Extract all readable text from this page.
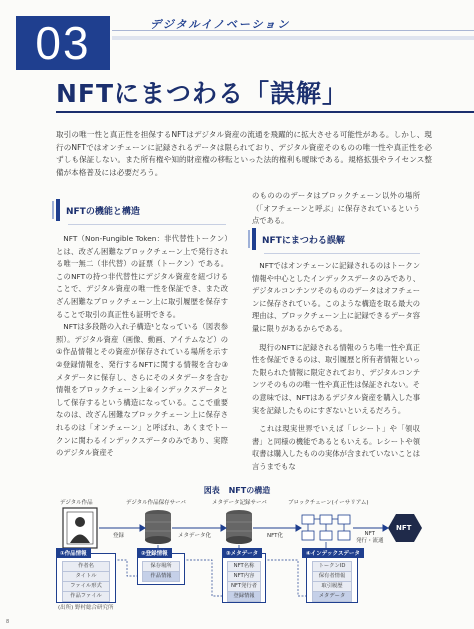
03	デジタルイノベーション
NFTにまつわる「誤解」
取引の唯一性と真正性を担保するNFTはデジタル資産の流通を飛躍的に拡大させる可能性がある。しかし、現行のNFTではオンチェーンに記録されるデータは限られており、デジタル資産そのものの唯一性や真正性を必ずしも保証しない。また所有権や知的財産権の移転といった法的権利も曖昧である。規格拡張やライセンス整備が本格普及には必要だろう。
NFTの機能と構造

NFT（Non-Fungible Token：非代替性トークン）とは、改ざん困難なブロックチェーン上で発行される唯一無二（非代替）の証票（トークン）である。このNFTの持つ非代替性にデジタル資産を紐づけることで、デジタル資産の唯一性を保証でき、また改ざん困難なブロックチェーン上に取引履歴を保存することで取引の真正性も証明できる。

NFTは多段階の入れ子構造¹となっている（図表参照）。デジタル資産（画像、動画、アイテムなど）の①作品情報とその資産が保存されている場所を示す②登録情報を、発行するNFTに関する情報を含む③メタデータに保存し、さらにそのメタデータを含む情報をブロックチェーン上④インデックスデータとして保存するという構造になっている。ここで重要なのは、改ざん困難なブロックチェーン上に保存されるのは「オンチェーン」と呼ばれ、あくまでトークンに関わるインデックスデータのみであり、実際のデジタル資産そ

のものののデータはブロックチェーン以外の場所（「オフチェーンと呼ぶ」に保存されているという点である。

NFTにまつわる誤解

NFTではオンチェーンに記録されるのはトークン情報や中心としたインデックスデータのみであり、デジタルコンテンツそのもののデータはオフチェーンに保存されている。このような構造を取る最大の理由は、ブロックチェーン上に記録できるデータ容量に限りがあるからである。

現行のNFTに記録される情報のうち唯一性や真正性を保証できるのは、取引履歴と所有者情報といった限られた情報に限定されており、デジタルコンテンツそのものの唯一性や真正性は保証されない。その意味では、NFTはあるデジタル資産を購入した事実を記録したものにすぎないといえるだろう。

これは現実世界でいえば「レシート」や「領収書」と同様の機能であるともいえる。レシートや領収書は購入したものの実体が含まれていないことは言うまでもな

図表 NFTの構造
デジタル作品	デジタル作品保存サーバ	メタデータ記録サーバ	ブロックチェーン(イーサリアム)
登録	メタデータ化	NFT化	NFT
発行・流通
NFT
①作品情報
作者名
タイトル
ファイル形式
作品ファイル
②登録情報
保存場所
作品情報
③メタデータ
NFT名称
NFT内容
NFT発行者
登録情報
④インデックスデータ
トークンID
保有者情報
取引履歴
メタデータ
(出所) 野村総合研究所
8
